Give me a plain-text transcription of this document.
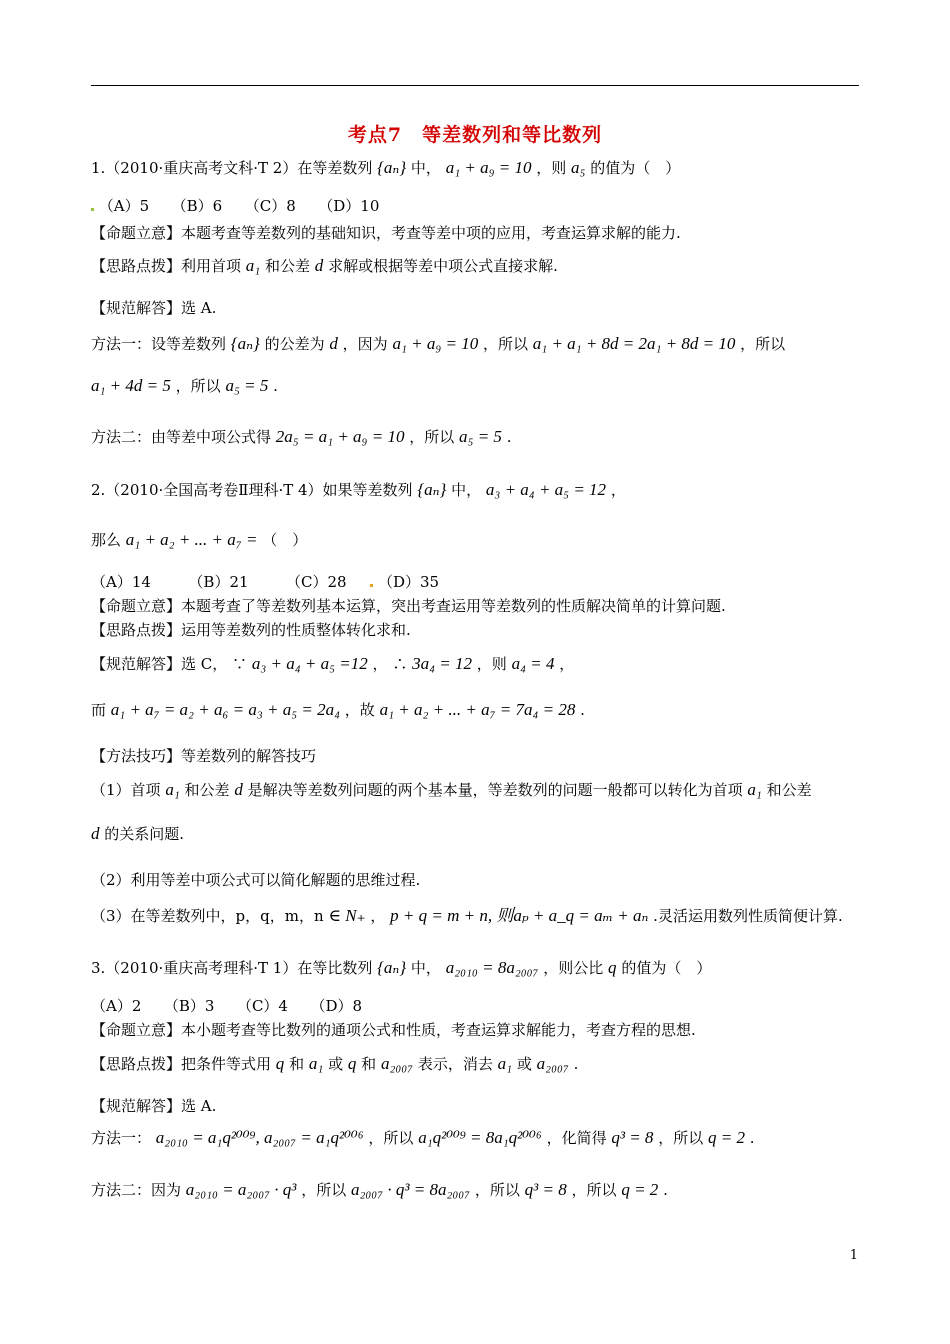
考点7　等差数列和等比数列
1.（2010·重庆高考文科·T 2）在等差数列 {aₙ} 中， a₁ + a₉ = 10 ，则 a₅ 的值为（　）
（A）5　　（B）6　　（C）8　　（D）10
【命题立意】本题考查等差数列的基础知识，考查等差中项的应用，考查运算求解的能力.
【思路点拨】利用首项 a₁ 和公差 d 求解或根据等差中项公式直接求解.
【规范解答】选 A.
方法一：设等差数列 {aₙ} 的公差为 d ，因为 a₁ + a₉ = 10 ，所以 a₁ + a₁ + 8d = 2a₁ + 8d = 10 ，所以
a₁ + 4d = 5 ，所以 a₅ = 5 .
方法二：由等差中项公式得 2a₅ = a₁ + a₉ = 10 ，所以 a₅ = 5 .
2.（2010·全国高考卷Ⅱ理科·T 4）如果等差数列 {aₙ} 中， a₃ + a₄ + a₅ = 12 ，
那么 a₁ + a₂ + ... + a₇ = （　）
（A）14　　　（B）21　　　（C）28 （D）35
【命题立意】本题考查了等差数列基本运算，突出考查运用等差数列的性质解决简单的计算问题.
【思路点拨】运用等差数列的性质整体转化求和.
【规范解答】选 C， ∵ a₃ + a₄ + a₅ =12 ， ∴ 3a₄ = 12 ，则 a₄ = 4 ，
而 a₁ + a₇ = a₂ + a₆ = a₃ + a₅ = 2a₄ ，故 a₁ + a₂ + ... + a₇ = 7a₄ = 28 .
【方法技巧】等差数列的解答技巧
（1）首项 a₁ 和公差 d 是解决等差数列问题的两个基本量，等差数列的问题一般都可以转化为首项 a₁ 和公差
d 的关系问题.
（2）利用等差中项公式可以简化解题的思维过程.
（3）在等差数列中，p，q，m，n ∈ N₊ ， p + q = m + n, 则aₚ + a_q = aₘ + aₙ .灵活运用数列性质简便计算.
3.（2010·重庆高考理科·T 1）在等比数列 {aₙ} 中， a₂₀₁₀ = 8a₂₀₀₇ ，则公比 q 的值为（　）
（A）2　　（B）3　　（C）4　　（D）8
【命题立意】本小题考查等比数列的通项公式和性质，考查运算求解能力，考查方程的思想.
【思路点拨】把条件等式用 q 和 a₁ 或 q 和 a₂₀₀₇ 表示，消去 a₁ 或 a₂₀₀₇ .
【规范解答】选 A.
方法一： a₂₀₁₀ = a₁q²⁰⁰⁹, a₂₀₀₇ = a₁q²⁰⁰⁶ ，所以 a₁q²⁰⁰⁹ = 8a₁q²⁰⁰⁶ ，化简得 q³ = 8 ，所以 q = 2 .
方法二：因为 a₂₀₁₀ = a₂₀₀₇ · q³ ，所以 a₂₀₀₇ · q³ = 8a₂₀₀₇ ，所以 q³ = 8 ，所以 q = 2 .
1
